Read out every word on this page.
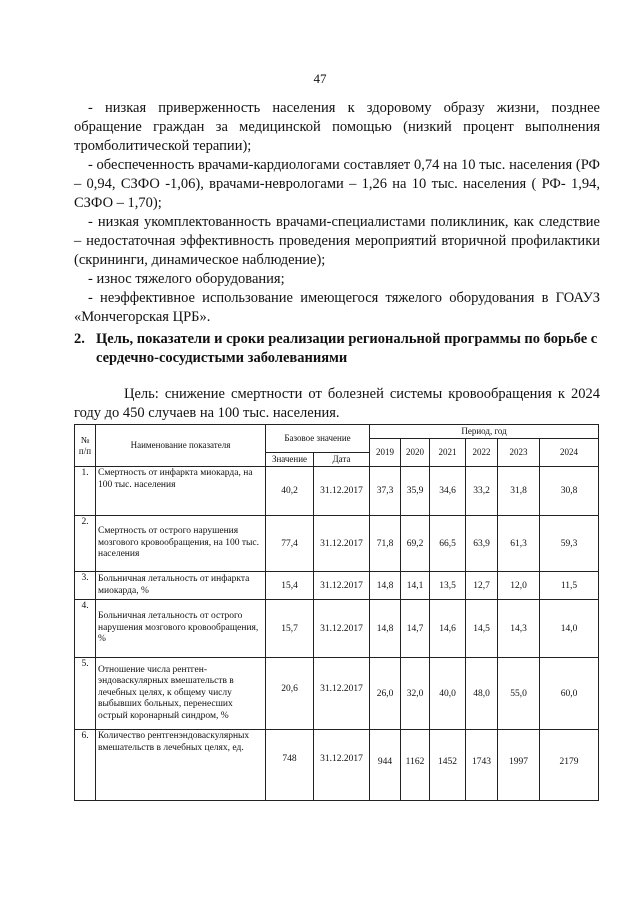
47

- низкая приверженность населения к здоровому образу жизни, позднее обращение граждан за медицинской помощью (низкий процент выполнения тромболитической терапии);

- обеспеченность врачами-кардиологами составляет 0,74 на 10 тыс. населения (РФ – 0,94, СЗФО -1,06), врачами-неврологами – 1,26 на 10 тыс. населения ( РФ- 1,94, СЗФО – 1,70);

- низкая укомплектованность врачами-специалистами поликлиник, как следствие – недостаточная эффективность проведения мероприятий вторичной профилактики (скрининги, динамическое наблюдение);

- износ тяжелого оборудования;

- неэффективное использование имеющегося тяжелого оборудования в ГОАУЗ «Мончегорская ЦРБ».

2. Цель, показатели и сроки реализации региональной программы по борьбе с сердечно-сосудистыми заболеваниями

Цель: снижение смертности от болезней системы кровообращения к 2024 году до 450 случаев на 100 тыс. населения.

№ п/п	Наименование показателя	Базовое значение		Период, год					
				2019	2020	2021	2022	2023	2024
		Значение	Дата						
1.	Смертность от инфаркта миокарда, на 100 тыс. населения	40,2	31.12.2017	37,3	35,9	34,6	33,2	31,8	30,8
2.	Смертность от острого нарушения мозгового кровообращения, на 100 тыс. населения	77,4	31.12.2017	71,8	69,2	66,5	63,9	61,3	59,3
3.	Больничная летальность от инфаркта миокарда, %	15,4	31.12.2017	14,8	14,1	13,5	12,7	12,0	11,5
4.	Больничная летальность от острого нарушения мозгового кровообращения, %	15,7	31.12.2017	14,8	14,7	14,6	14,5	14,3	14,0
5.	Отношение числа рентген-эндоваскулярных вмешательств в лечебных целях, к общему числу выбывших больных, перенесших острый коронарный синдром, %	20,6	31.12.2017	26,0	32,0	40,0	48,0	55,0	60,0
6.	Количество рентгенэндоваскулярных вмешательств в лечебных целях, ед.	748	31.12.2017	944	1162	1452	1743	1997	2179
